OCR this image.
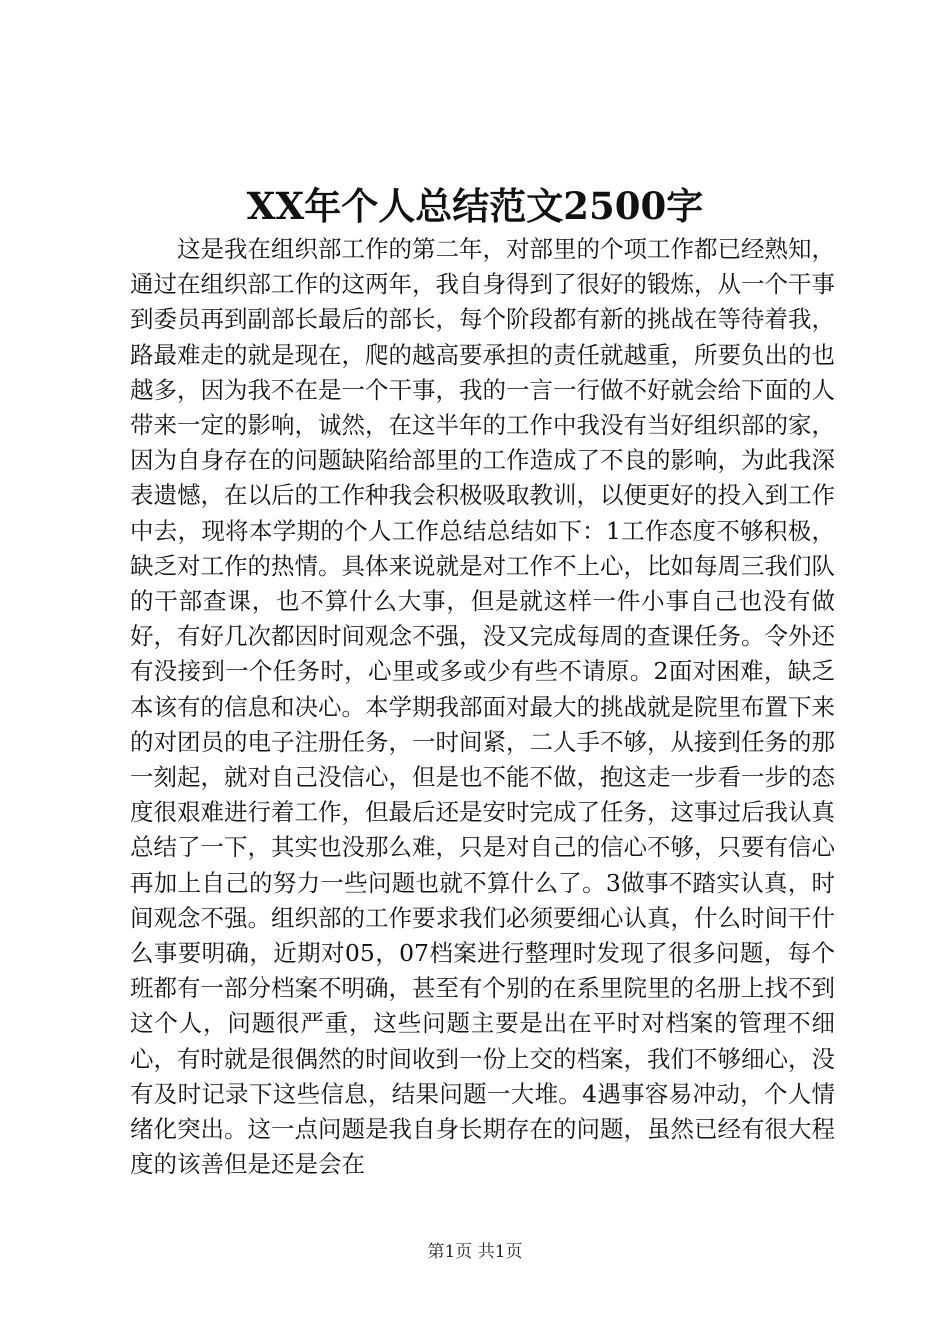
XX年个人总结范文2500字
这是我在组织部工作的第二年，对部里的个项工作都已经熟知，通过在组织部工作的这两年，我自身得到了很好的锻炼，从一个干事到委员再到副部长最后的部长，每个阶段都有新的挑战在等待着我，路最难走的就是现在，爬的越高要承担的责任就越重，所要负出的也越多，因为我不在是一个干事，我的一言一行做不好就会给下面的人带来一定的影响，诚然，在这半年的工作中我没有当好组织部的家，因为自身存在的问题缺陷给部里的工作造成了不良的影响，为此我深表遗憾，在以后的工作种我会积极吸取教训，以便更好的投入到工作中去，现将本学期的个人工作总结总结如下：1工作态度不够积极，缺乏对工作的热情。具体来说就是对工作不上心，比如每周三我们队的干部查课，也不算什么大事，但是就这样一件小事自己也没有做好，有好几次都因时间观念不强，没又完成每周的查课任务。令外还有没接到一个任务时，心里或多或少有些不请原。2面对困难，缺乏本该有的信息和决心。本学期我部面对最大的挑战就是院里布置下来的对团员的电子注册任务，一时间紧，二人手不够，从接到任务的那一刻起，就对自己没信心，但是也不能不做，抱这走一步看一步的态度很艰难进行着工作，但最后还是安时完成了任务，这事过后我认真总结了一下，其实也没那么难，只是对自己的信心不够，只要有信心再加上自己的努力一些问题也就不算什么了。3做事不踏实认真，时间观念不强。组织部的工作要求我们必须要细心认真，什么时间干什么事要明确，近期对05，07档案进行整理时发现了很多问题，每个班都有一部分档案不明确，甚至有个别的在系里院里的名册上找不到这个人，问题很严重，这些问题主要是出在平时对档案的管理不细心，有时就是很偶然的时间收到一份上交的档案，我们不够细心，没有及时记录下这些信息，结果问题一大堆。4遇事容易冲动，个人情绪化突出。这一点问题是我自身长期存在的问题，虽然已经有很大程度的该善但是还是会在
第1页 共1页
